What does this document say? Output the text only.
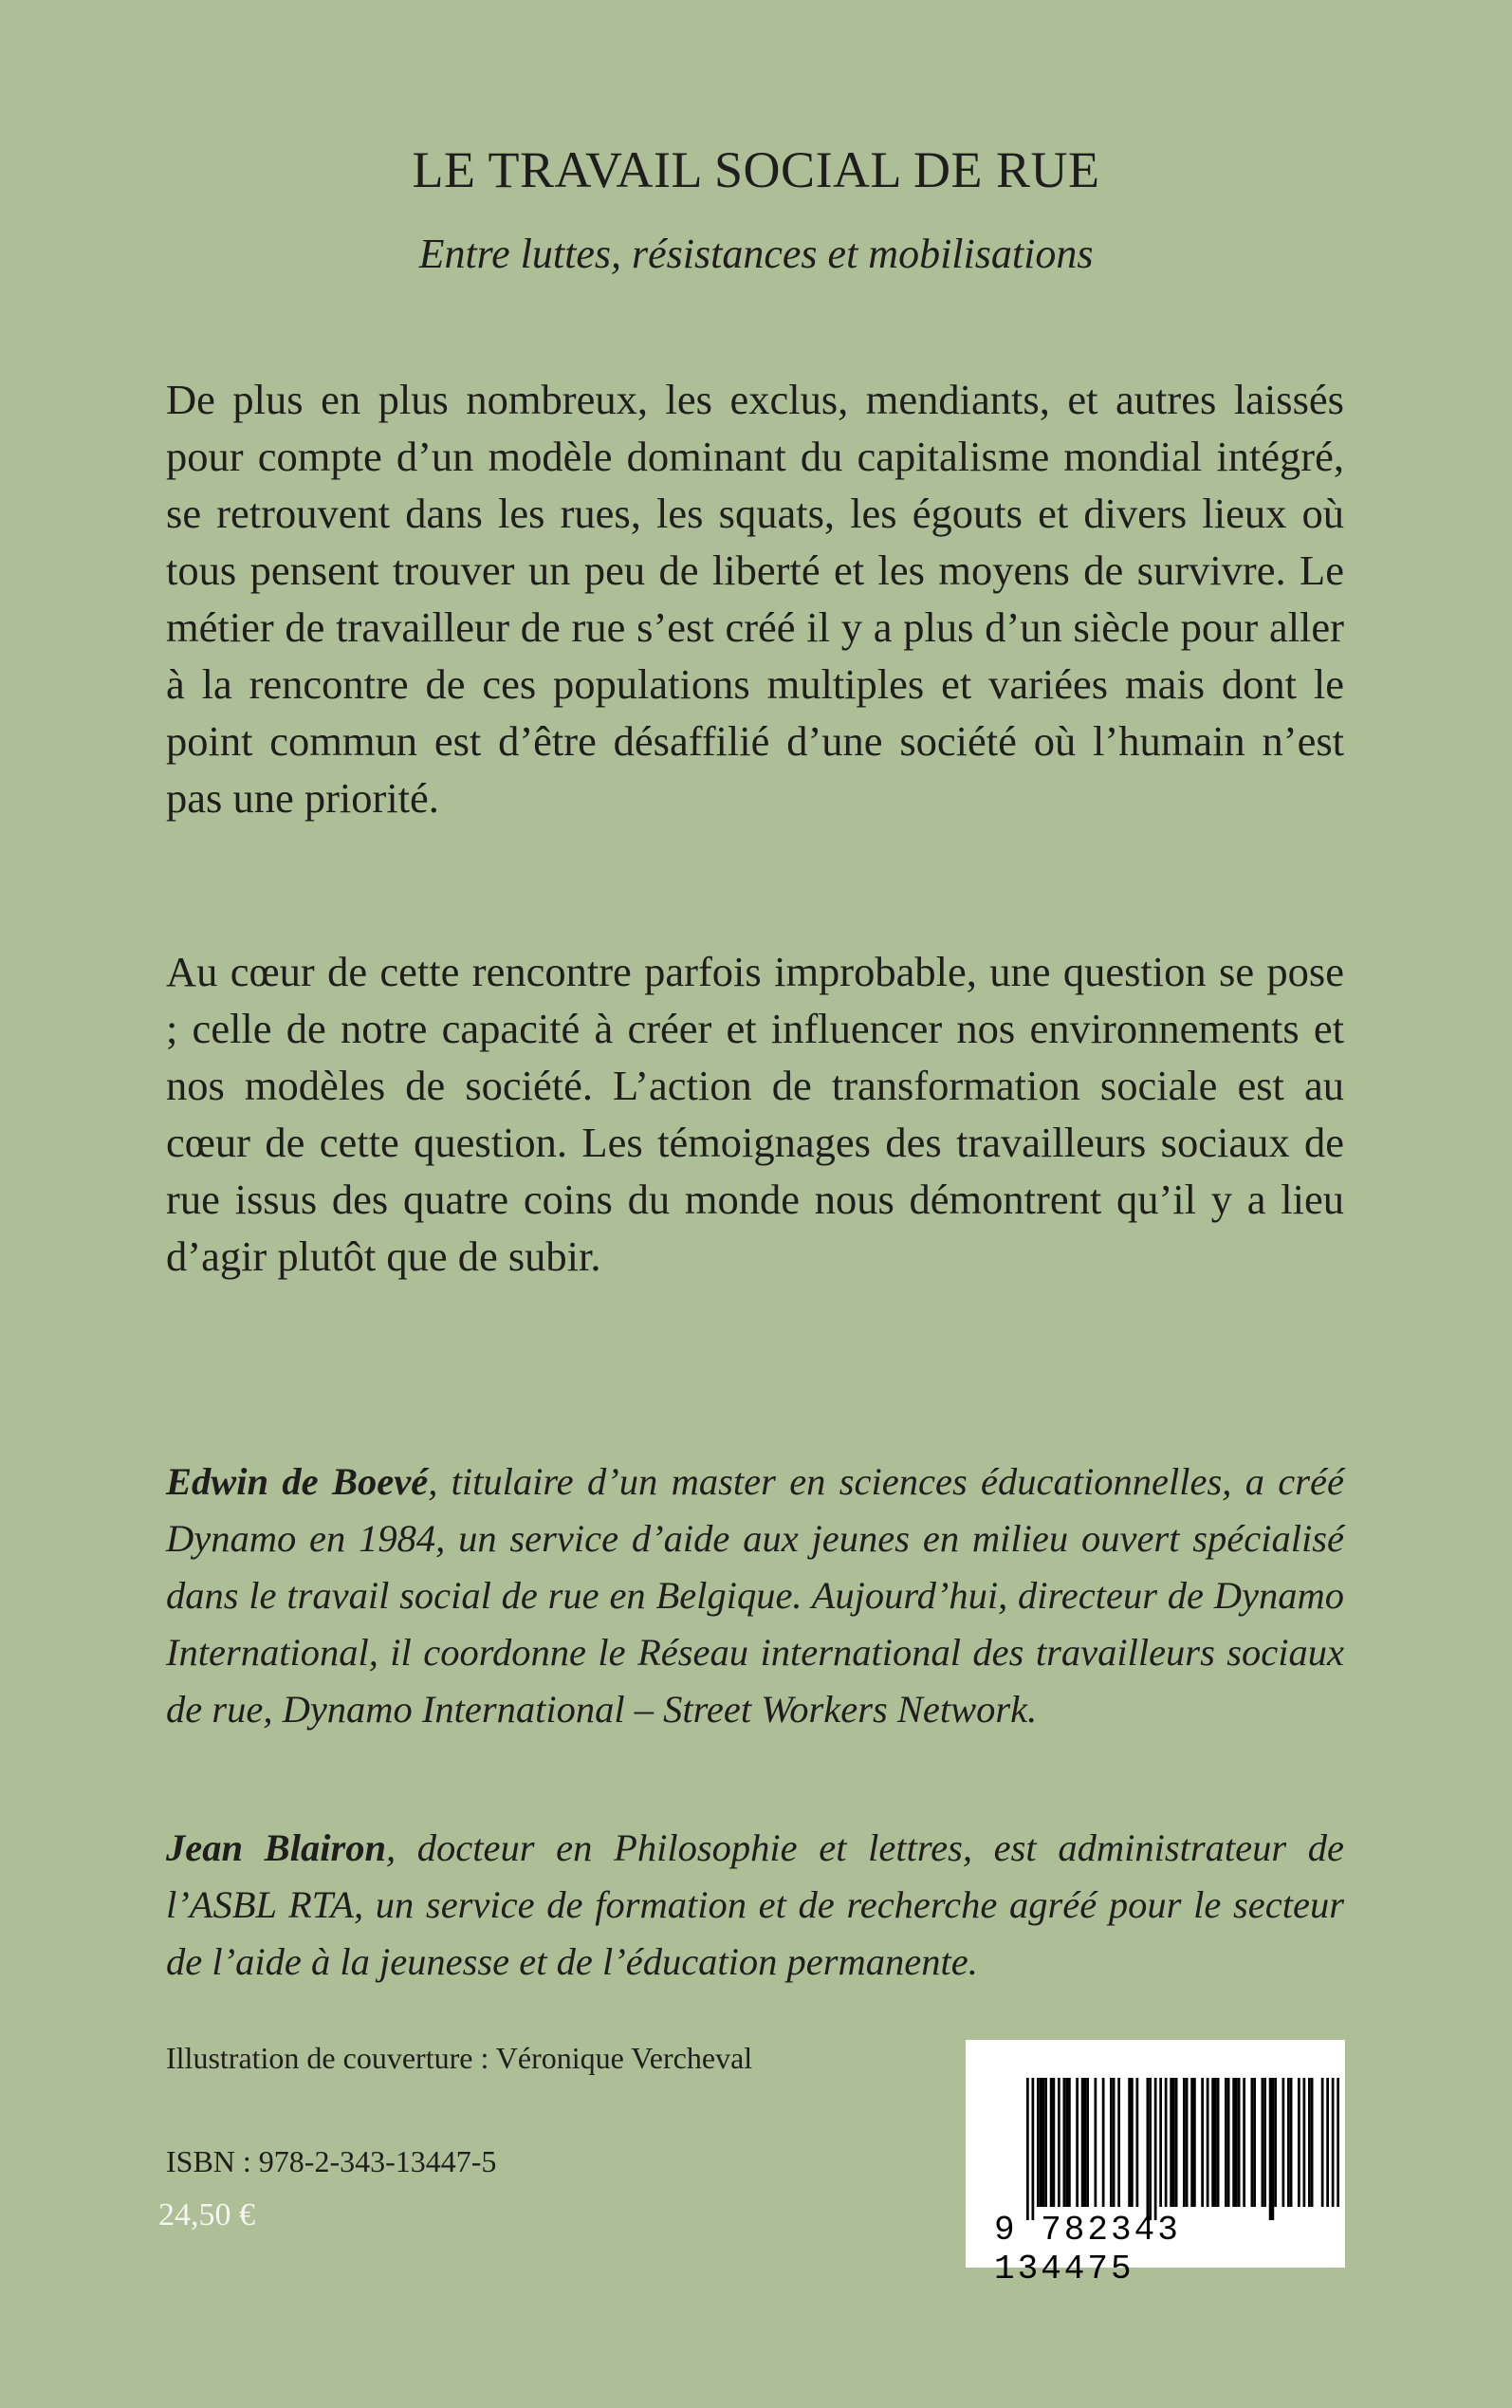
LE TRAVAIL SOCIAL DE RUE

Entre luttes, résistances et mobilisations

De plus en plus nombreux, les exclus, mendiants, et autres laissés pour compte d’un modèle dominant du capitalisme mondial intégré, se retrouvent dans les rues, les squats, les égouts et divers lieux où tous pensent trouver un peu de liberté et les moyens de survivre. Le métier de travailleur de rue s’est créé il y a plus d’un siècle pour aller à la rencontre de ces populations multiples et variées mais dont le point commun est d’être désaffilié d’une société où l’humain n’est pas une priorité.

Au cœur de cette rencontre parfois improbable, une question se pose ; celle de notre capacité à créer et influencer nos environnements et nos modèles de société. L’action de transformation sociale est au cœur de cette question. Les témoignages des travailleurs sociaux de rue issus des quatre coins du monde nous démontrent qu’il y a lieu d’agir plutôt que de subir.

Edwin de Boevé, titulaire d’un master en sciences éducationnelles, a créé Dynamo en 1984, un service d’aide aux jeunes en milieu ouvert spécialisé dans le travail social de rue en Belgique. Aujourd’hui, directeur de Dynamo International, il coordonne le Réseau international des travailleurs sociaux de rue, Dynamo International – Street Workers Network.

Jean Blairon, docteur en Philosophie et lettres, est administrateur de l’ASBL RTA, un service de formation et de recherche agréé pour le secteur de l’aide à la jeunesse et de l’éducation permanente.

Illustration de couverture : Véronique Vercheval

ISBN : 978-2-343-13447-5

24,50 €	9 782343 134475
